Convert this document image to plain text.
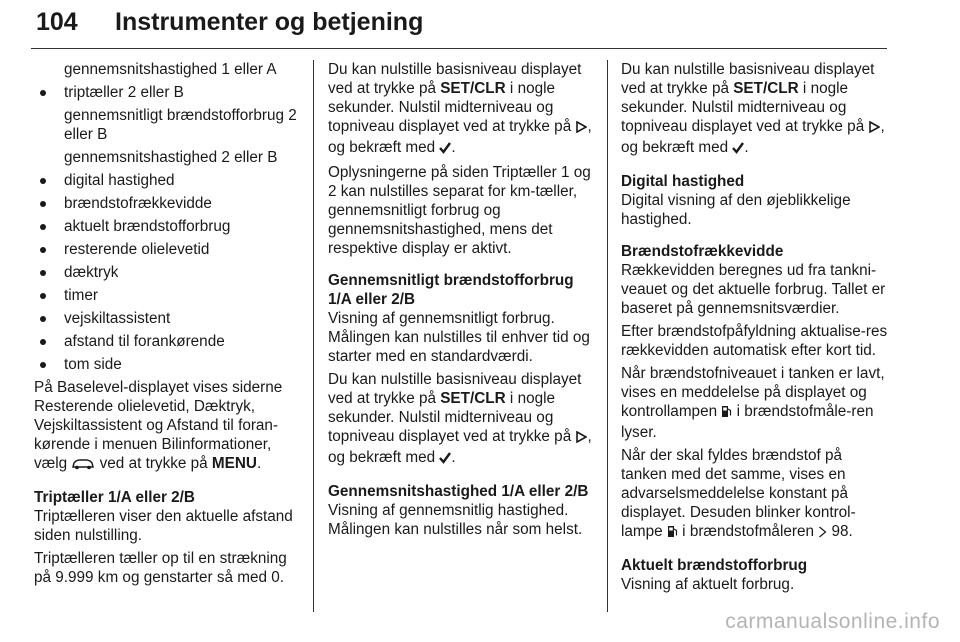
104 Instrumenter og betjening

gennemsnitshastighed 1 eller A

triptæller 2 eller B

gennemsnitligt brændstofforbrug 2 eller B

gennemsnitshastighed 2 eller B

digital hastighed
brændstofrækkevidde
aktuelt brændstofforbrug
resterende olielevetid
dæktryk
timer
vejskiltassistent
afstand til forankørende
tom side

På Baselevel-displayet vises siderne Resterende olielevetid, Dæktryk, Vejskiltassistent og Afstand til foran-kørende i menuen Bilinformationer, vælg ved at trykke på MENU.

Triptæller 1/A eller 2/B

Triptælleren viser den aktuelle afstand siden nulstilling.

Triptælleren tæller op til en strækning på 9.999 km og genstarter så med 0.

Du kan nulstille basisniveau displayet ved at trykke på SET/CLR i nogle sekunder. Nulstil midterniveau og topniveau displayet ved at trykke på , og bekræft med .

Oplysningerne på siden Triptæller 1 og 2 kan nulstilles separat for km-tæller, gennemsnitligt forbrug og gennemsnitshastighed, mens det respektive display er aktivt.

Gennemsnitligt brændstofforbrug 1/A eller 2/B

Visning af gennemsnitligt forbrug. Målingen kan nulstilles til enhver tid og starter med en standardværdi.

Du kan nulstille basisniveau displayet ved at trykke på SET/CLR i nogle sekunder. Nulstil midterniveau og topniveau displayet ved at trykke på , og bekræft med .

Gennemsnitshastighed 1/A eller 2/B

Visning af gennemsnitlig hastighed. Målingen kan nulstilles når som helst.

Du kan nulstille basisniveau displayet ved at trykke på SET/CLR i nogle sekunder. Nulstil midterniveau og topniveau displayet ved at trykke på , og bekræft med .

Digital hastighed

Digital visning af den øjeblikkelige hastighed.

Brændstofrækkevidde

Rækkevidden beregnes ud fra tankni-veauet og det aktuelle forbrug. Tallet er baseret på gennemsnitsværdier.

Efter brændstofpåfyldning aktualise-res rækkevidden automatisk efter kort tid.

Når brændstofniveauet i tanken er lavt, vises en meddelelse på displayet og kontrollampen i brændstofmåle-ren lyser.

Når der skal fyldes brændstof på tanken med det samme, vises en advarselsmeddelelse konstant på displayet. Desuden blinker kontrol-lampe i brændstofmåleren 98.

Aktuelt brændstofforbrug

Visning af aktuelt forbrug.

carmanualsonline.info
